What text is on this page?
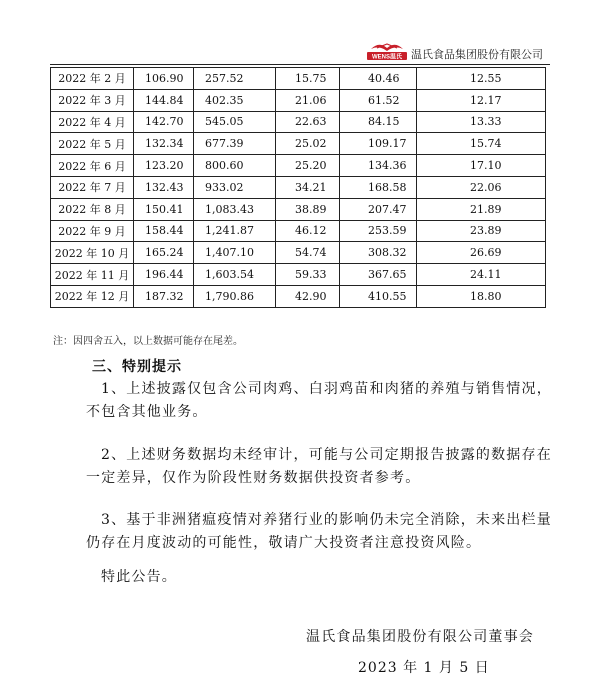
WENS温氏 温氏食品集团股份有限公司
2022 年 2 月	106.90	257.52	15.75	40.46	12.55
2022 年 3 月	144.84	402.35	21.06	61.52	12.17
2022 年 4 月	142.70	545.05	22.63	84.15	13.33
2022 年 5 月	132.34	677.39	25.02	109.17	15.74
2022 年 6 月	123.20	800.60	25.20	134.36	17.10
2022 年 7 月	132.43	933.02	34.21	168.58	22.06
2022 年 8 月	150.41	1,083.43	38.89	207.47	21.89
2022 年 9 月	158.44	1,241.87	46.12	253.59	23.89
2022 年 10 月	165.24	1,407.10	54.74	308.32	26.69
2022 年 11 月	196.44	1,603.54	59.33	367.65	24.11
2022 年 12 月	187.32	1,790.86	42.90	410.55	18.80
注：因四舍五入，以上数据可能存在尾差。
三、特别提示
1、上述披露仅包含公司肉鸡、白羽鸡苗和肉猪的养殖与销售情况，不包含其他业务。
2、上述财务数据均未经审计，可能与公司定期报告披露的数据存在一定差异，仅作为阶段性财务数据供投资者参考。
3、基于非洲猪瘟疫情对养猪行业的影响仍未完全消除，未来出栏量仍存在月度波动的可能性，敬请广大投资者注意投资风险。
特此公告。
温氏食品集团股份有限公司董事会
2023 年 1 月 5 日
